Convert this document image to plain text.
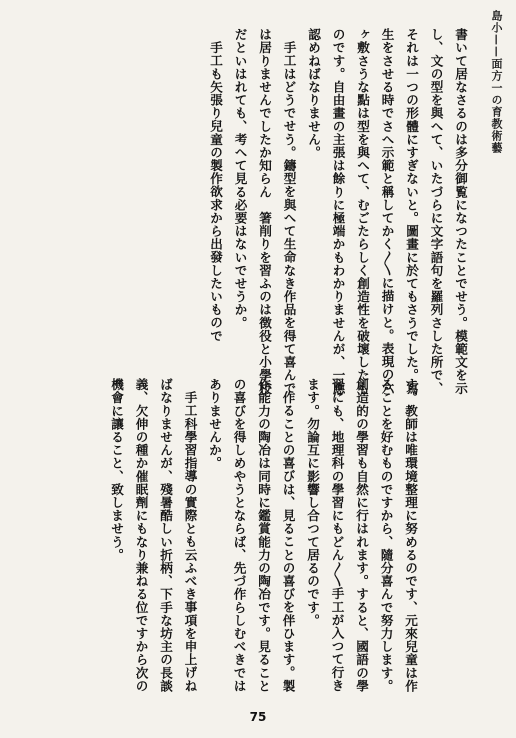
島小——面方一の育教術藝

書いて居なさるのは多分御覧になつたことでせう。模範文を示し、文の型を與へて、いたづらに文字語句を羅列さした所で、それは一つの形體にすぎないと。圖畫に於てもさうでした。寫生をさせる時でさへ示範と稱してかく〳〵に描けと。表現の六ヶ敷さうな點は型を與へて、むごたらしく創造性を破壞したものです。自由畫の主張は餘りに極端かもわかりませんが、一應認めねばなりません。

手工はどうでせう。鑄型を與へて生命なき作品を得て喜んでは居りませんでしたか知らん　箸削りを習ふのは徴役と小學校だといはれても、考へて見る必要はないでせうか。

手工も矢張り兒童の製作欲求から出發したいもので

す。教師は唯環境整理に努めるのです、元來兒童は作ることを好むものですから、隨分喜んで努力します。創造的の學習も自然に行はれます。すると、國語の學習にも、地理科の學習にもどん〳〵手工が入つて行きます。勿論互に影響し合つて居るのです。

作ることの喜びは、見ることの喜びを伴ひます。製作能力の陶冶は同時に鑑賞能力の陶冶です。見ることの喜びを得しめやうとならば、先づ作らしむべきではありませんか。

手工科學習指導の實際とも云ふべき事項を申上げねばなりませんが、殘暑酷しい折柄、下手な坊主の長談義、欠伸の種か催眠劑にもなり兼ねる位ですから次の機會に讓ること、致しませう。

75
